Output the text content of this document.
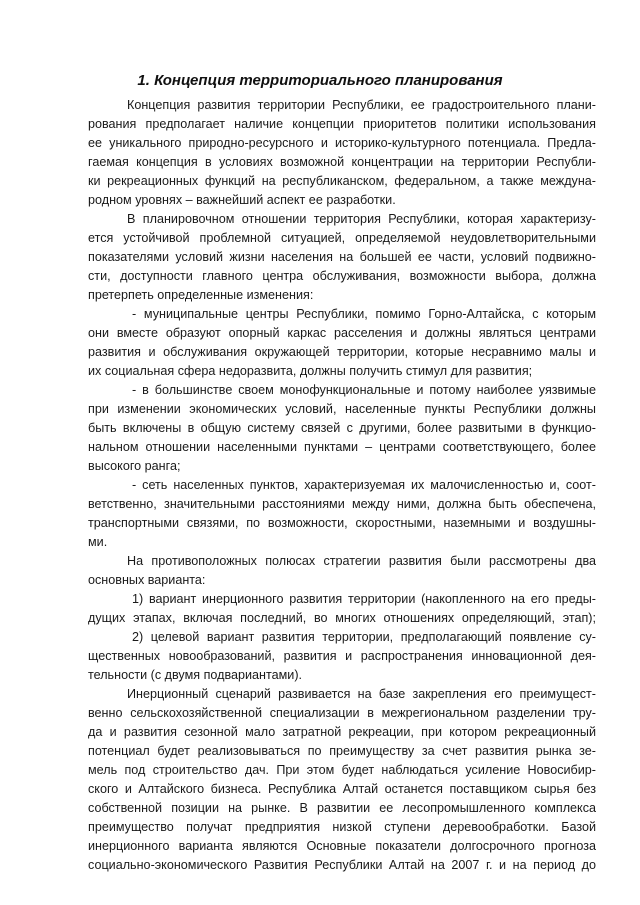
1. Концепция территориального планирования
Концепция развития территории Республики, ее градостроительного плани-
рования предполагает наличие концепции приоритетов политики использования
ее уникального природно-ресурсного и историко-культурного потенциала. Предла-
гаемая концепция в условиях возможной концентрации на территории Республи-
ки рекреационных функций на республиканском, федеральном, а также междуна-
родном уровнях – важнейший аспект ее разработки.
В планировочном отношении территория Республики, которая характеризу-
ется устойчивой проблемной ситуацией, определяемой неудовлетворительными
показателями условий жизни населения на большей ее части, условий подвижно-
сти, доступности главного центра обслуживания, возможности выбора, должна
претерпеть определенные изменения:
- муниципальные центры Республики, помимо Горно-Алтайска, с которым
они вместе образуют опорный каркас расселения и должны являться центрами
развития и обслуживания окружающей территории, которые несравнимо малы и
их социальная сфера недоразвита, должны получить стимул для развития;
- в большинстве своем монофункциональные и потому наиболее уязвимые
при изменении экономических условий, населенные пункты Республики должны
быть включены в общую систему связей с другими, более развитыми в функцио-
нальном отношении населенными пунктами – центрами соответствующего, более
высокого ранга;
- сеть населенных пунктов, характеризуемая их малочисленностью и, соот-
ветственно, значительными расстояниями между ними, должна быть обеспечена,
транспортными связями, по возможности, скоростными, наземными и воздушны-
ми.
На противоположных полюсах стратегии развития были рассмотрены два
основных варианта:
1) вариант инерционного развития территории (накопленного на его преды-
дущих этапах, включая последний, во многих отношениях определяющий, этап);
2) целевой вариант развития территории, предполагающий появление су-
щественных новообразований, развития и распространения инновационной дея-
тельности (с двумя подвариантами).
Инерционный сценарий развивается на базе закрепления его преимущест-
венно сельскохозяйственной специализации в межрегиональном разделении тру-
да и развития сезонной мало затратной рекреации, при котором рекреационный
потенциал будет реализовываться по преимуществу за счет развития рынка зе-
мель под строительство дач. При этом будет наблюдаться усиление Новосибир-
ского и Алтайского бизнеса. Республика Алтай останется поставщиком сырья без
собственной позиции на рынке. В развитии ее лесопромышленного комплекса
преимущество получат предприятия низкой ступени деревообработки. Базой
инерционного варианта являются Основные показатели долгосрочного прогноза
социально-экономического Развития Республики Алтай на 2007 г. и на период до
